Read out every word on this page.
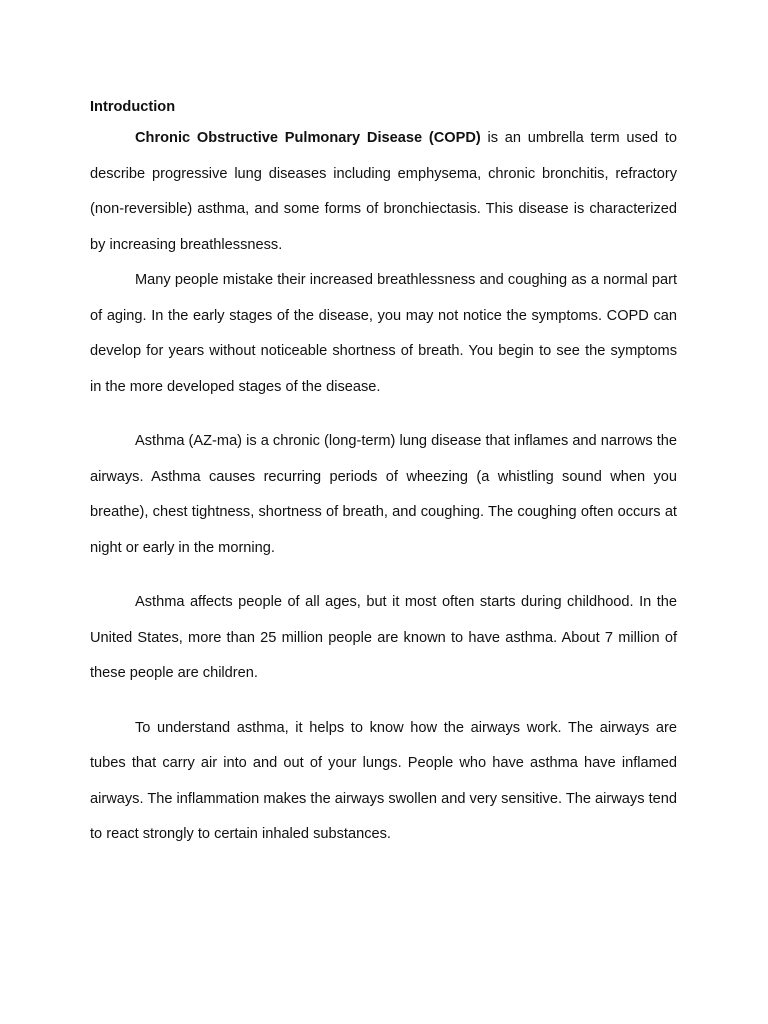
Introduction

Chronic Obstructive Pulmonary Disease (COPD) is an umbrella term used to describe progressive lung diseases including emphysema, chronic bronchitis, refractory (non-reversible) asthma, and some forms of bronchiectasis. This disease is characterized by increasing breathlessness.

Many people mistake their increased breathlessness and coughing as a normal part of aging. In the early stages of the disease, you may not notice the symptoms. COPD can develop for years without noticeable shortness of breath. You begin to see the symptoms in the more developed stages of the disease.

Asthma (AZ-ma) is a chronic (long-term) lung disease that inflames and narrows the airways. Asthma causes recurring periods of wheezing (a whistling sound when you breathe), chest tightness, shortness of breath, and coughing. The coughing often occurs at night or early in the morning.

Asthma affects people of all ages, but it most often starts during childhood. In the United States, more than 25 million people are known to have asthma. About 7 million of these people are children.

To understand asthma, it helps to know how the airways work. The airways are tubes that carry air into and out of your lungs. People who have asthma have inflamed airways. The inflammation makes the airways swollen and very sensitive. The airways tend to react strongly to certain inhaled substances.
